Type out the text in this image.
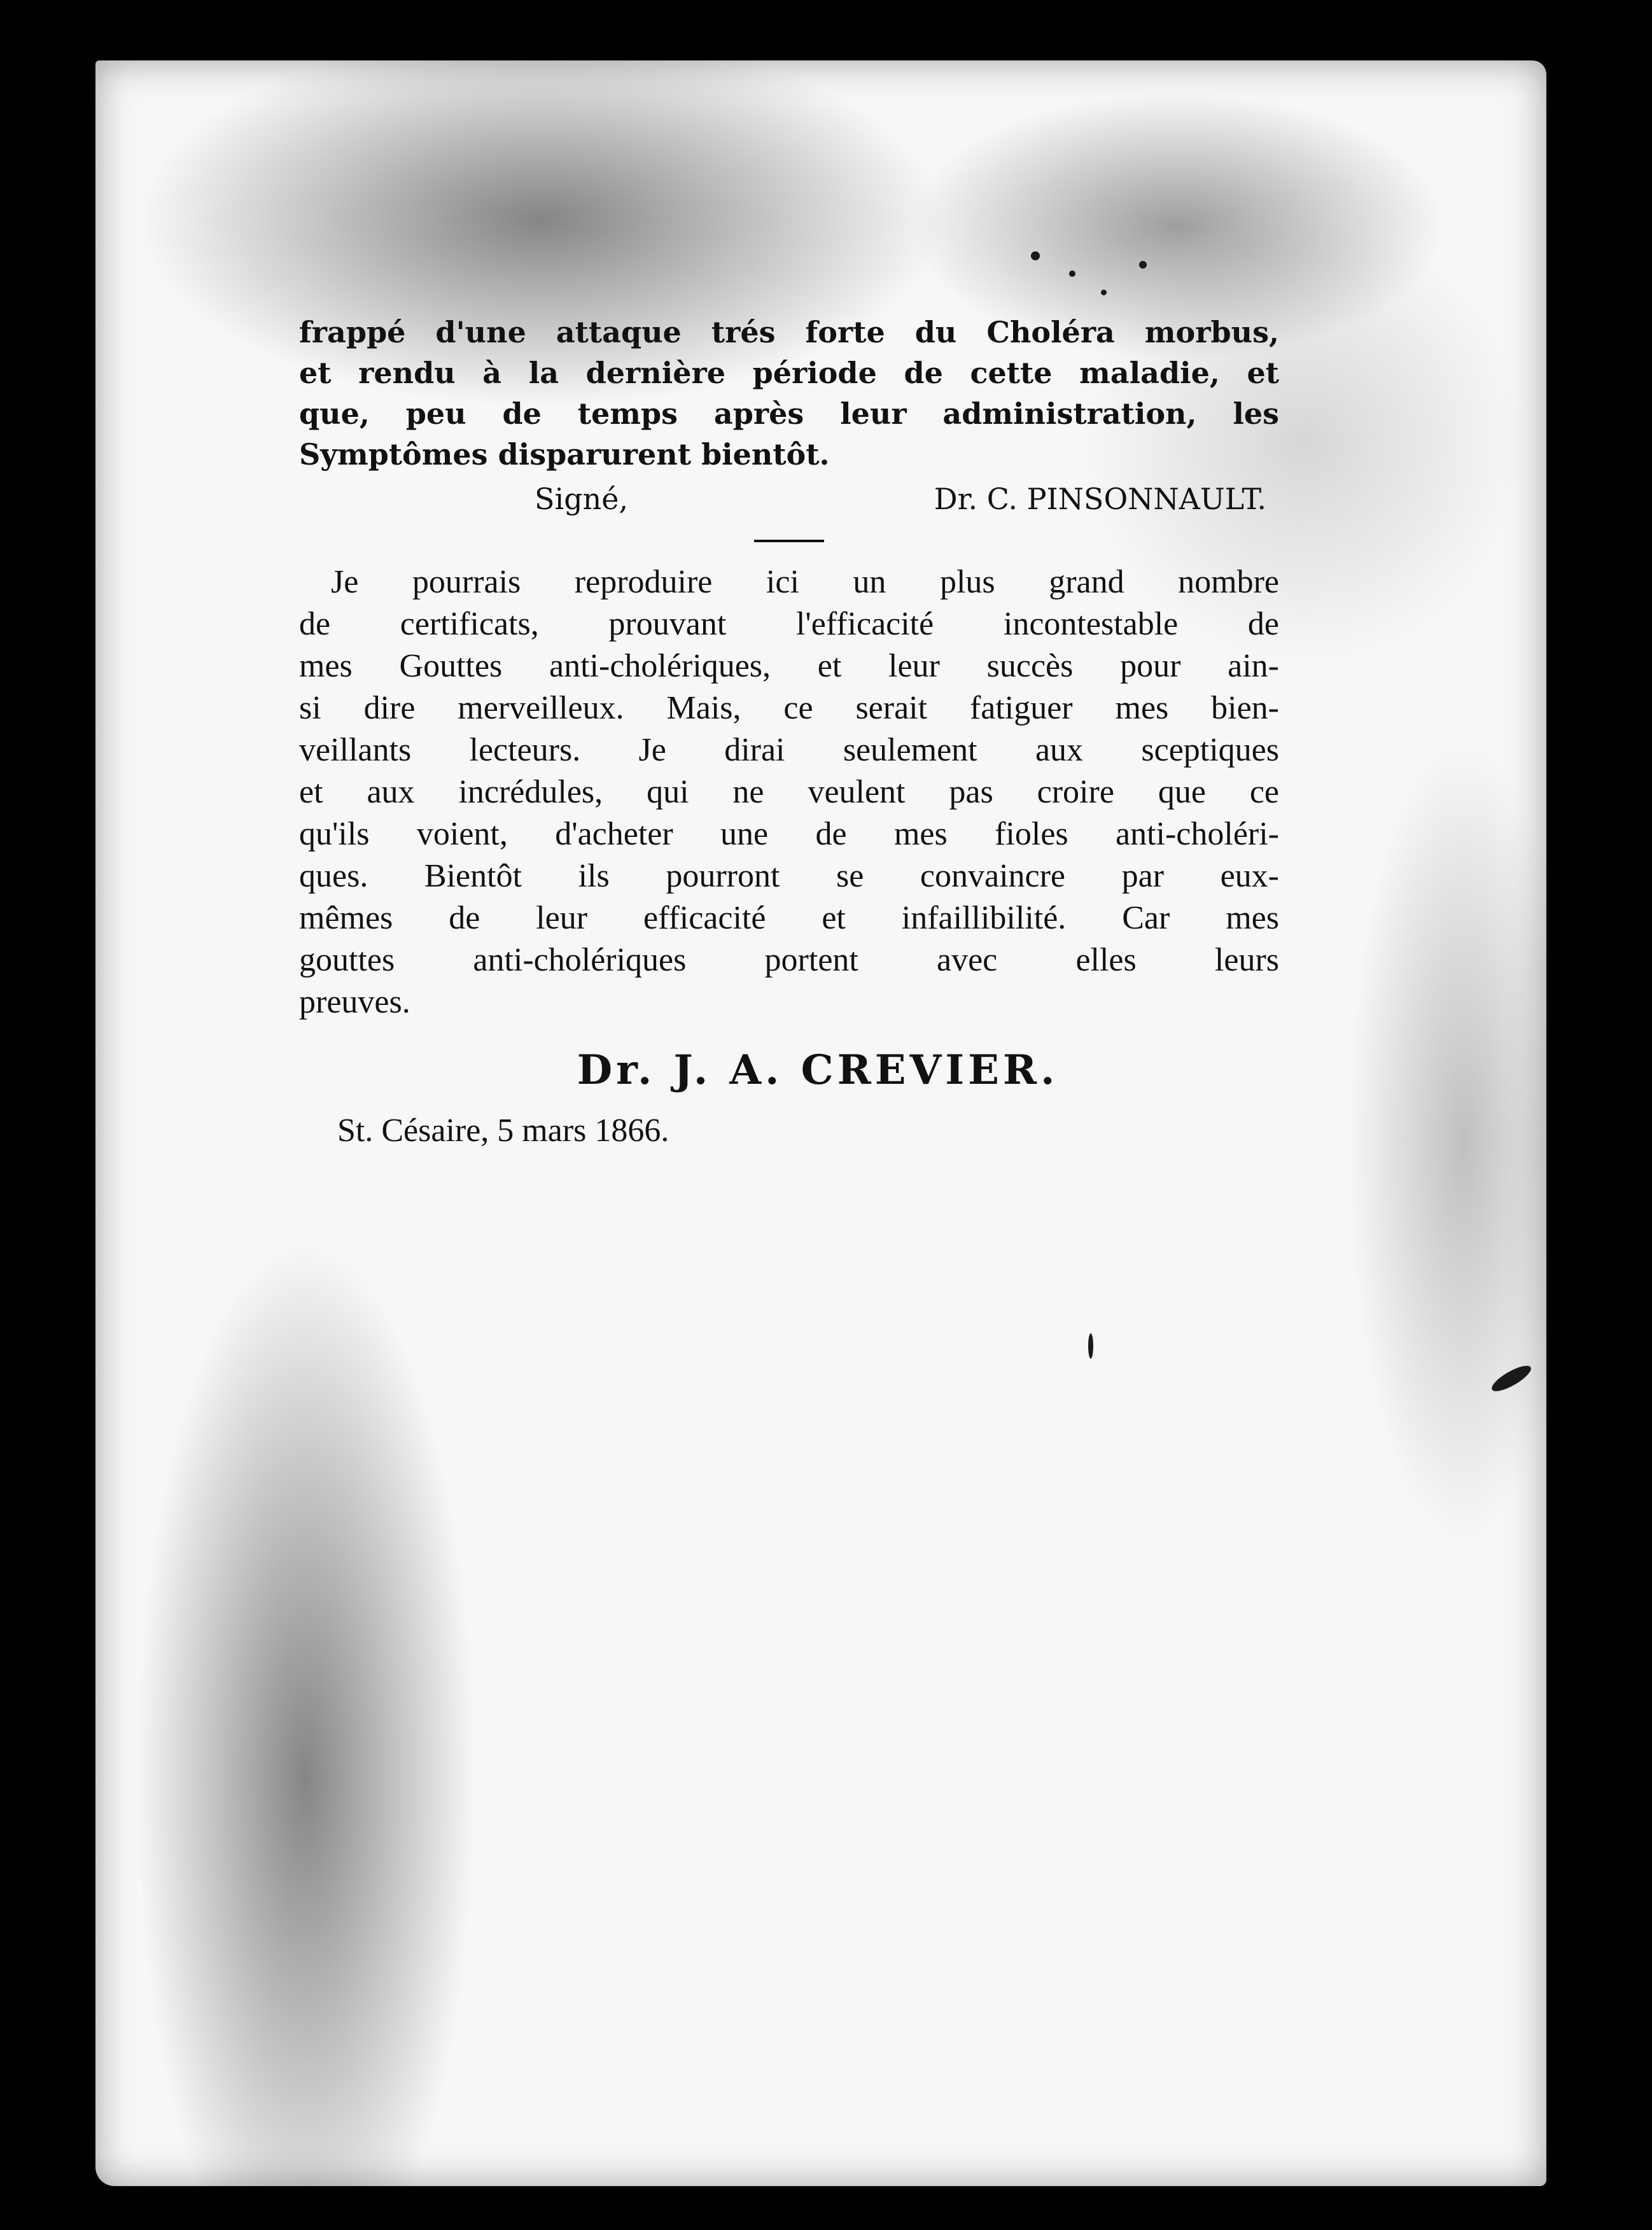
frappé d'une attaque trés forte du Choléra morbus,
et rendu à la dernière période de cette maladie, et
que, peu de temps après leur administration, les
Symptômes disparurent bientôt.
Signé,	Dr. C. PINSONNAULT.
Je pourrais reproduire ici un plus grand nombre
de certificats, prouvant l'efficacité incontestable de
mes Gouttes anti-cholériques, et leur succès pour ain-
si dire merveilleux. Mais, ce serait fatiguer mes bien-
veillants lecteurs. Je dirai seulement aux sceptiques
et aux incrédules, qui ne veulent pas croire que ce
qu'ils voient, d'acheter une de mes fioles anti-choléri-
ques. Bientôt ils pourront se convaincre par eux-
mêmes de leur efficacité et infaillibilité. Car mes
gouttes anti-cholériques portent avec elles leurs
preuves.
Dr. J. A. CREVIER.
St. Césaire, 5 mars 1866.
